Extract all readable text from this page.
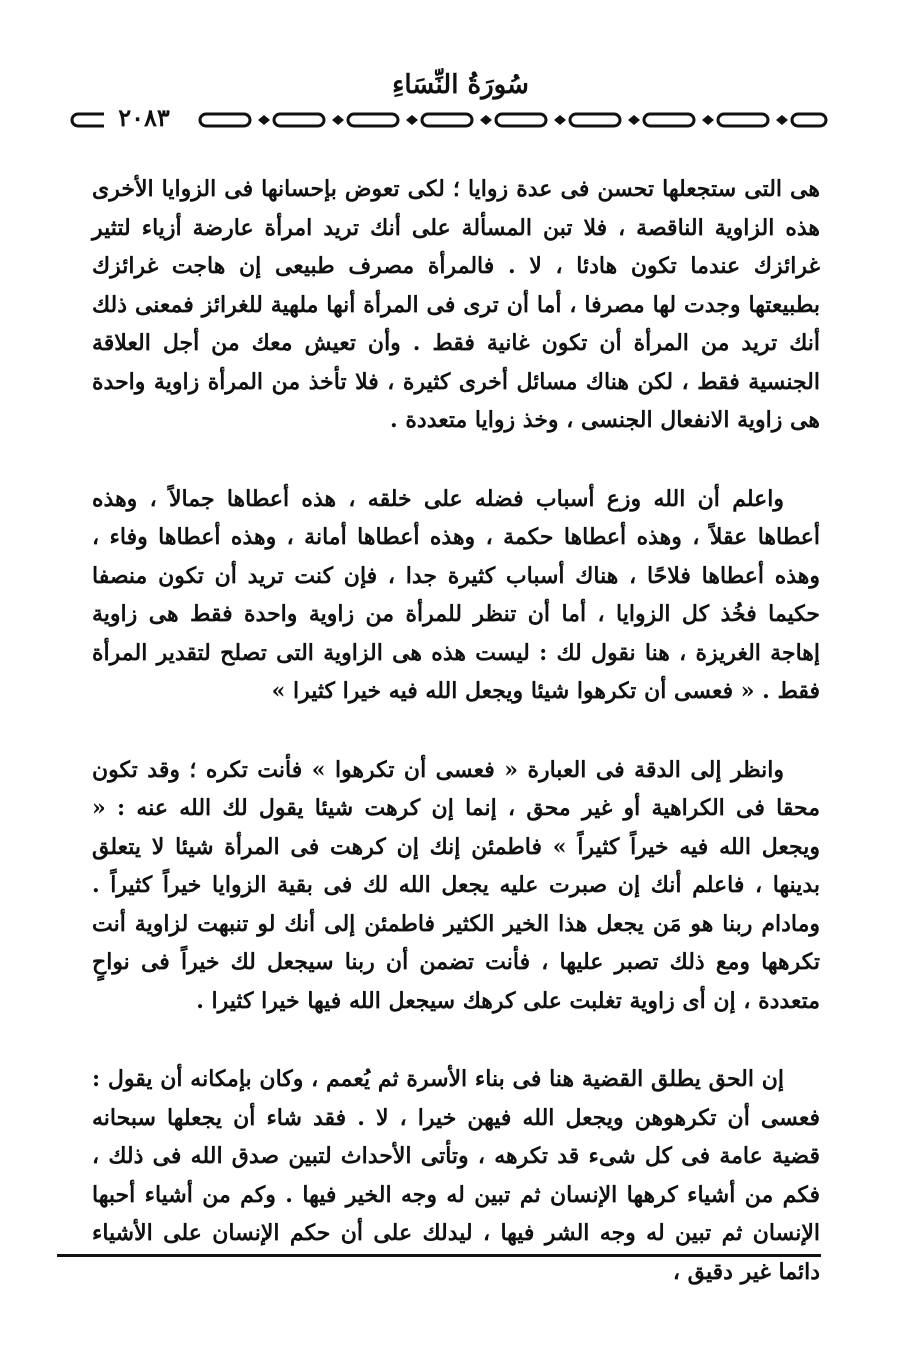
سُورَةُ النِّسَاءِ
٢٠٨٣

هى التى ستجعلها تحسن فى عدة زوايا ؛ لكى تعوض بإحسانها فى الزوايا الأخرى هذه الزاوية الناقصة ، فلا تبن المسألة على أنك تريد امرأة عارضة أزياء لتثير غرائزك عندما تكون هادئا ، لا . فالمرأة مصرف طبيعى إن هاجت غرائزك بطبيعتها وجدت لها مصرفا ، أما أن ترى فى المرأة أنها ملهية للغرائز فمعنى ذلك أنك تريد من المرأة أن تكون غانية فقط . وأن تعيش معك من أجل العلاقة الجنسية فقط ، لكن هناك مسائل أخرى كثيرة ، فلا تأخذ من المرأة زاوية واحدة هى زاوية الانفعال الجنسى ، وخذ زوايا متعددة .

واعلم أن الله وزع أسباب فضله على خلقه ، هذه أعطاها جمالاً ، وهذه أعطاها عقلاً ، وهذه أعطاها حكمة ، وهذه أعطاها أمانة ، وهذه أعطاها وفاء ، وهذه أعطاها فلاحًا ، هناك أسباب كثيرة جدا ، فإن كنت تريد أن تكون منصفا حكيما فخُذ كل الزوايا ، أما أن تنظر للمرأة من زاوية واحدة فقط هى زاوية إهاجة الغريزة ، هنا نقول لك : ليست هذه هى الزاوية التى تصلح لتقدير المرأة فقط . « فعسى أن تكرهوا شيئا ويجعل الله فيه خيرا كثيرا »

وانظر إلى الدقة فى العبارة « فعسى أن تكرهوا » فأنت تكره ؛ وقد تكون محقا فى الكراهية أو غير محق ، إنما إن كرهت شيئا يقول لك الله عنه : « ويجعل الله فيه خيراً كثيراً » فاطمئن إنك إن كرهت فى المرأة شيئا لا يتعلق بدينها ، فاعلم أنك إن صبرت عليه يجعل الله لك فى بقية الزوايا خيراً كثيراً . ومادام ربنا هو مَن يجعل هذا الخير الكثير فاطمئن إلى أنك لو تنبهت لزاوية أنت تكرهها ومع ذلك تصبر عليها ، فأنت تضمن أن ربنا سيجعل لك خيراً فى نواحٍ متعددة ، إن أى زاوية تغلبت على كرهك سيجعل الله فيها خيرا كثيرا .

إن الحق يطلق القضية هنا فى بناء الأسرة ثم يُعمم ، وكان بإمكانه أن يقول : فعسى أن تكرهوهن ويجعل الله فيهن خيرا ، لا . فقد شاء أن يجعلها سبحانه قضية عامة فى كل شىء قد تكرهه ، وتأتى الأحداث لتبين صدق الله فى ذلك ، فكم من أشياء كرهها الإنسان ثم تبين له وجه الخير فيها . وكم من أشياء أحبها الإنسان ثم تبين له وجه الشر فيها ، ليدلك على أن حكم الإنسان على الأشياء دائما غير دقيق ،
